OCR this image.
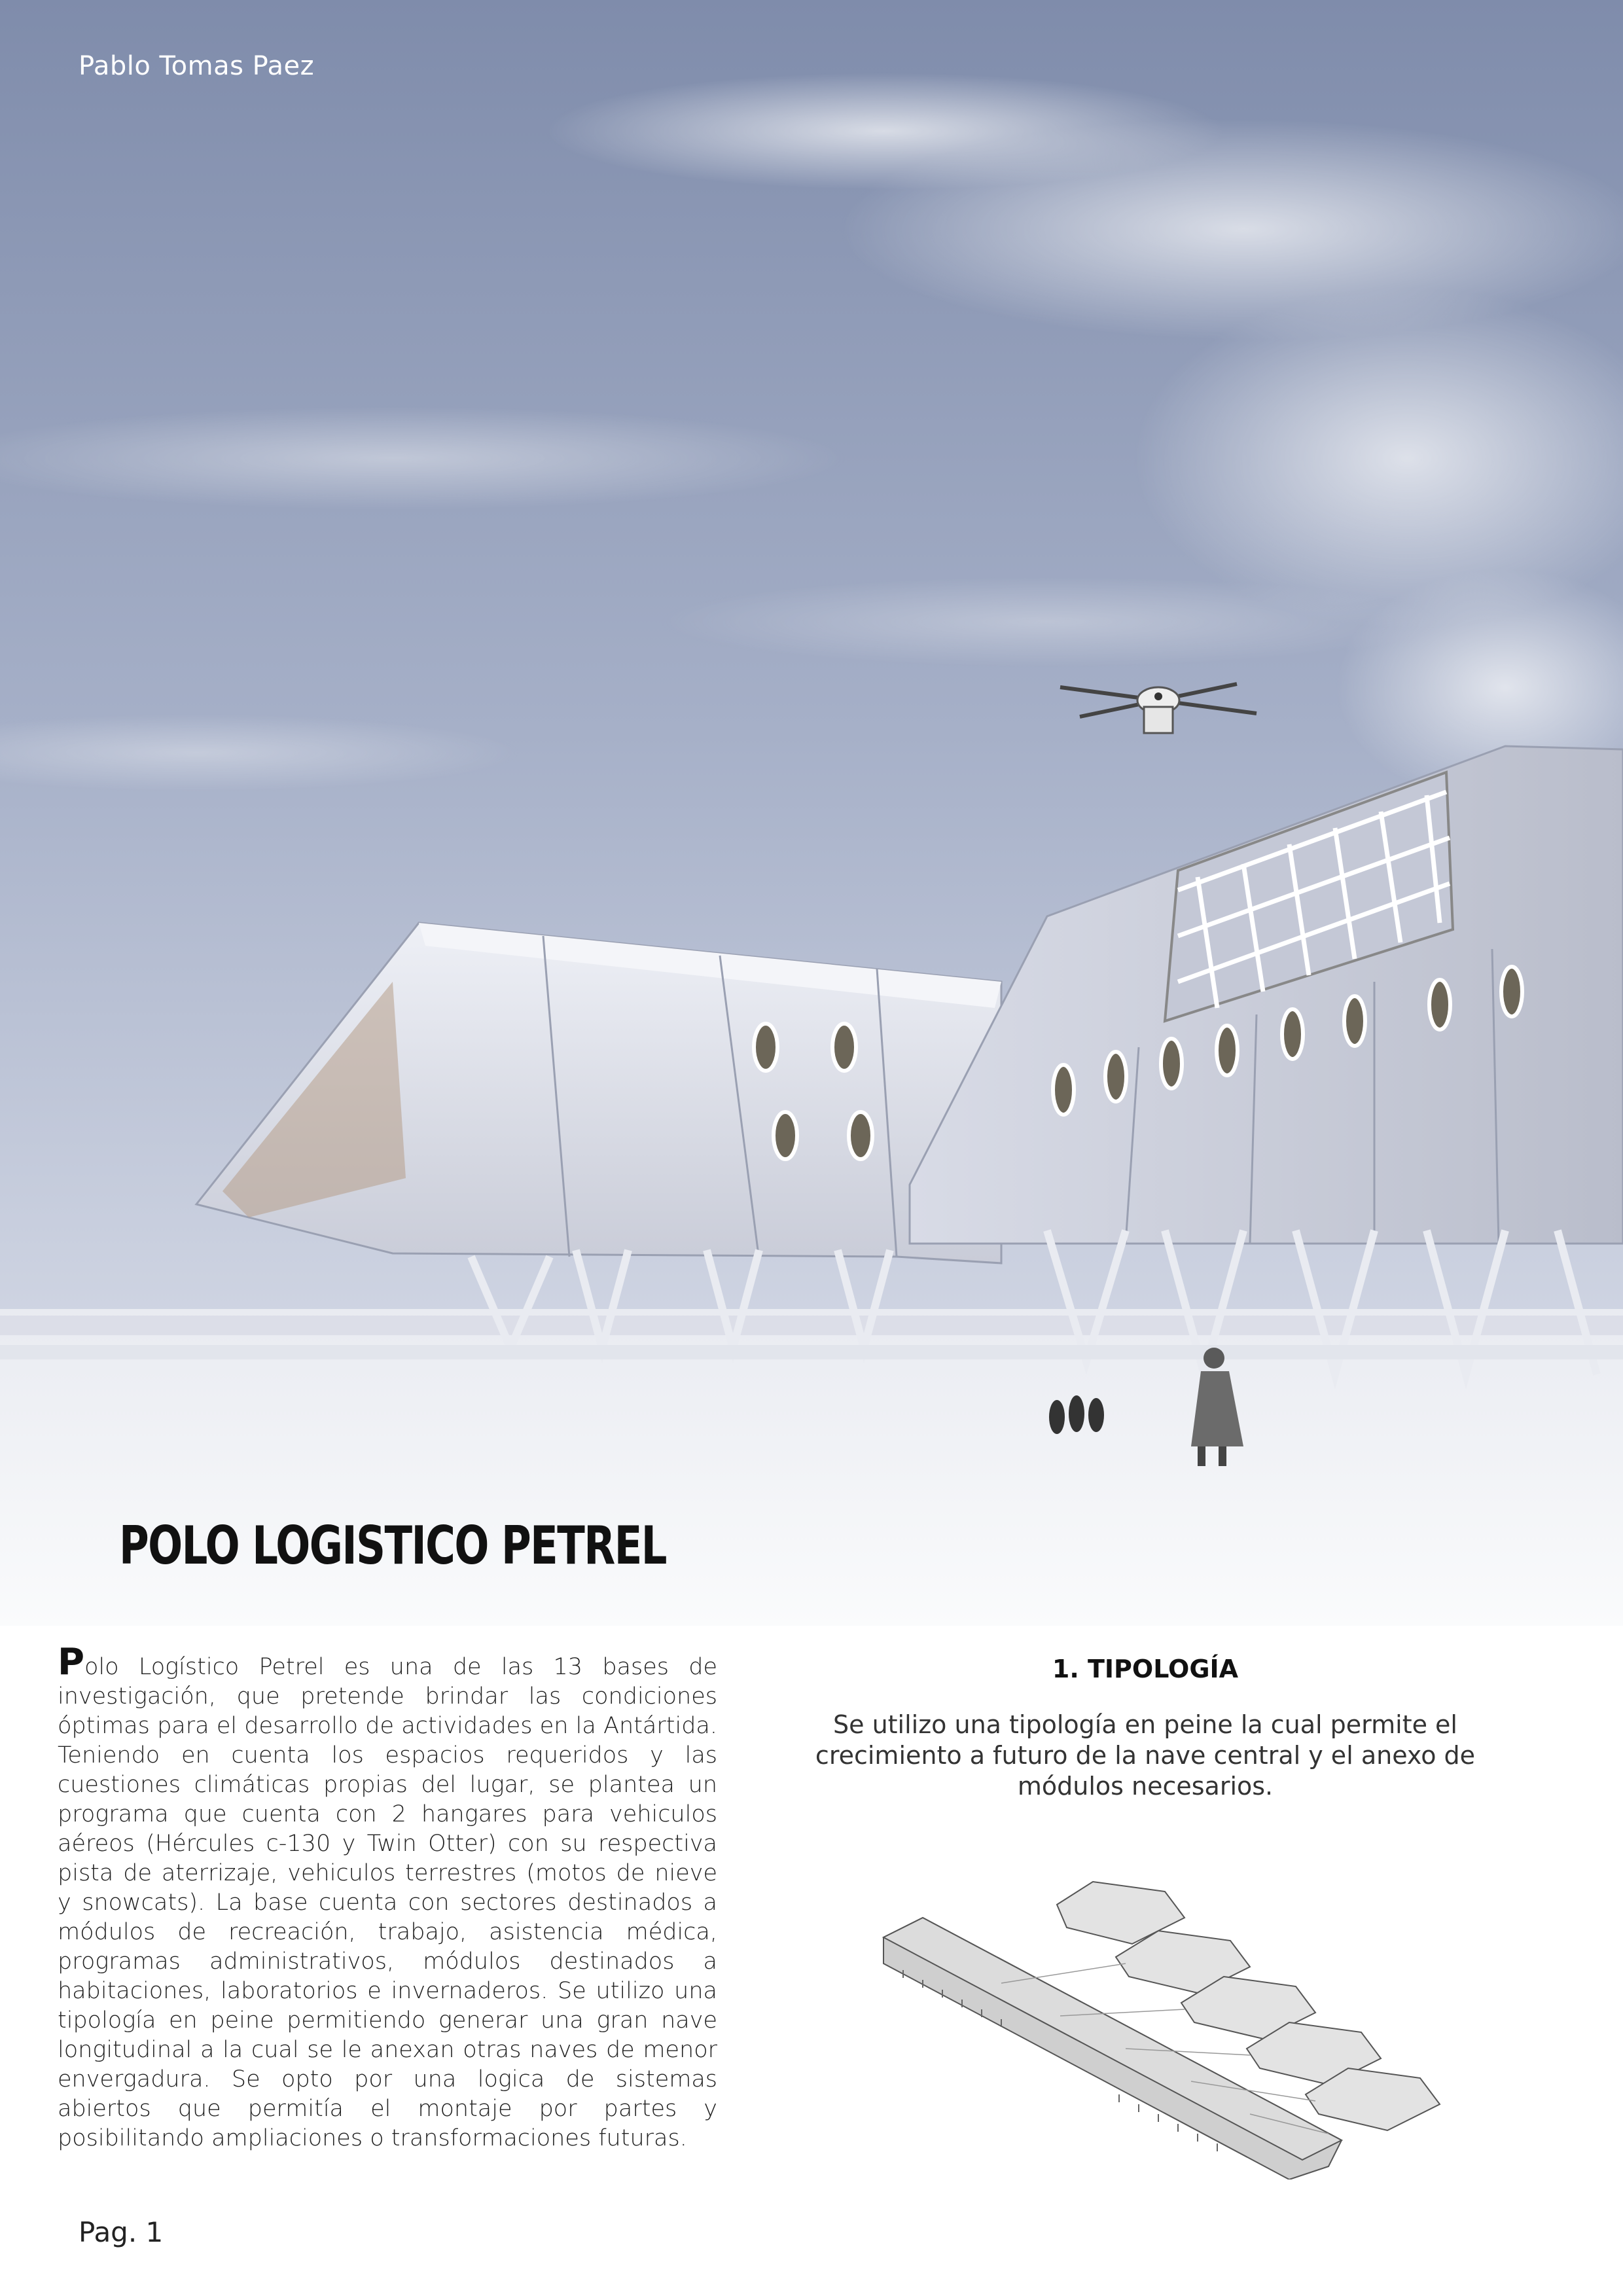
Pablo Tomas Paez
POLO LOGISTICO PETREL
Polo Logístico Petrel es una de las 13 bases de investigación, que pretende brindar las condiciones óptimas para el desarrollo de actividades en la Antártida. Teniendo en cuenta los espacios requeridos y las cuestiones climáticas propias del lugar, se plantea un programa que cuenta con 2 hangares para vehiculos aéreos (Hércules c-130 y Twin Otter) con su respectiva pista de aterrizaje, vehiculos terrestres (motos de nieve y snowcats). La base cuenta con sectores destinados a módulos de recreación, trabajo, asistencia médica, programas administrativos, módulos destinados a habitaciones, laboratorios e invernaderos. Se utilizo una tipología en peine permitiendo generar una gran nave longitudinal a la cual se le anexan otras naves de menor envergadura. Se opto por una logica de sistemas abiertos que permitía el montaje por partes y posibilitando ampliaciones o transformaciones futuras.
1. TIPOLOGÍA
Se utilizo una tipología en peine la cual permite el crecimiento a futuro de la nave central y el anexo de módulos necesarios.
Pag. 1
